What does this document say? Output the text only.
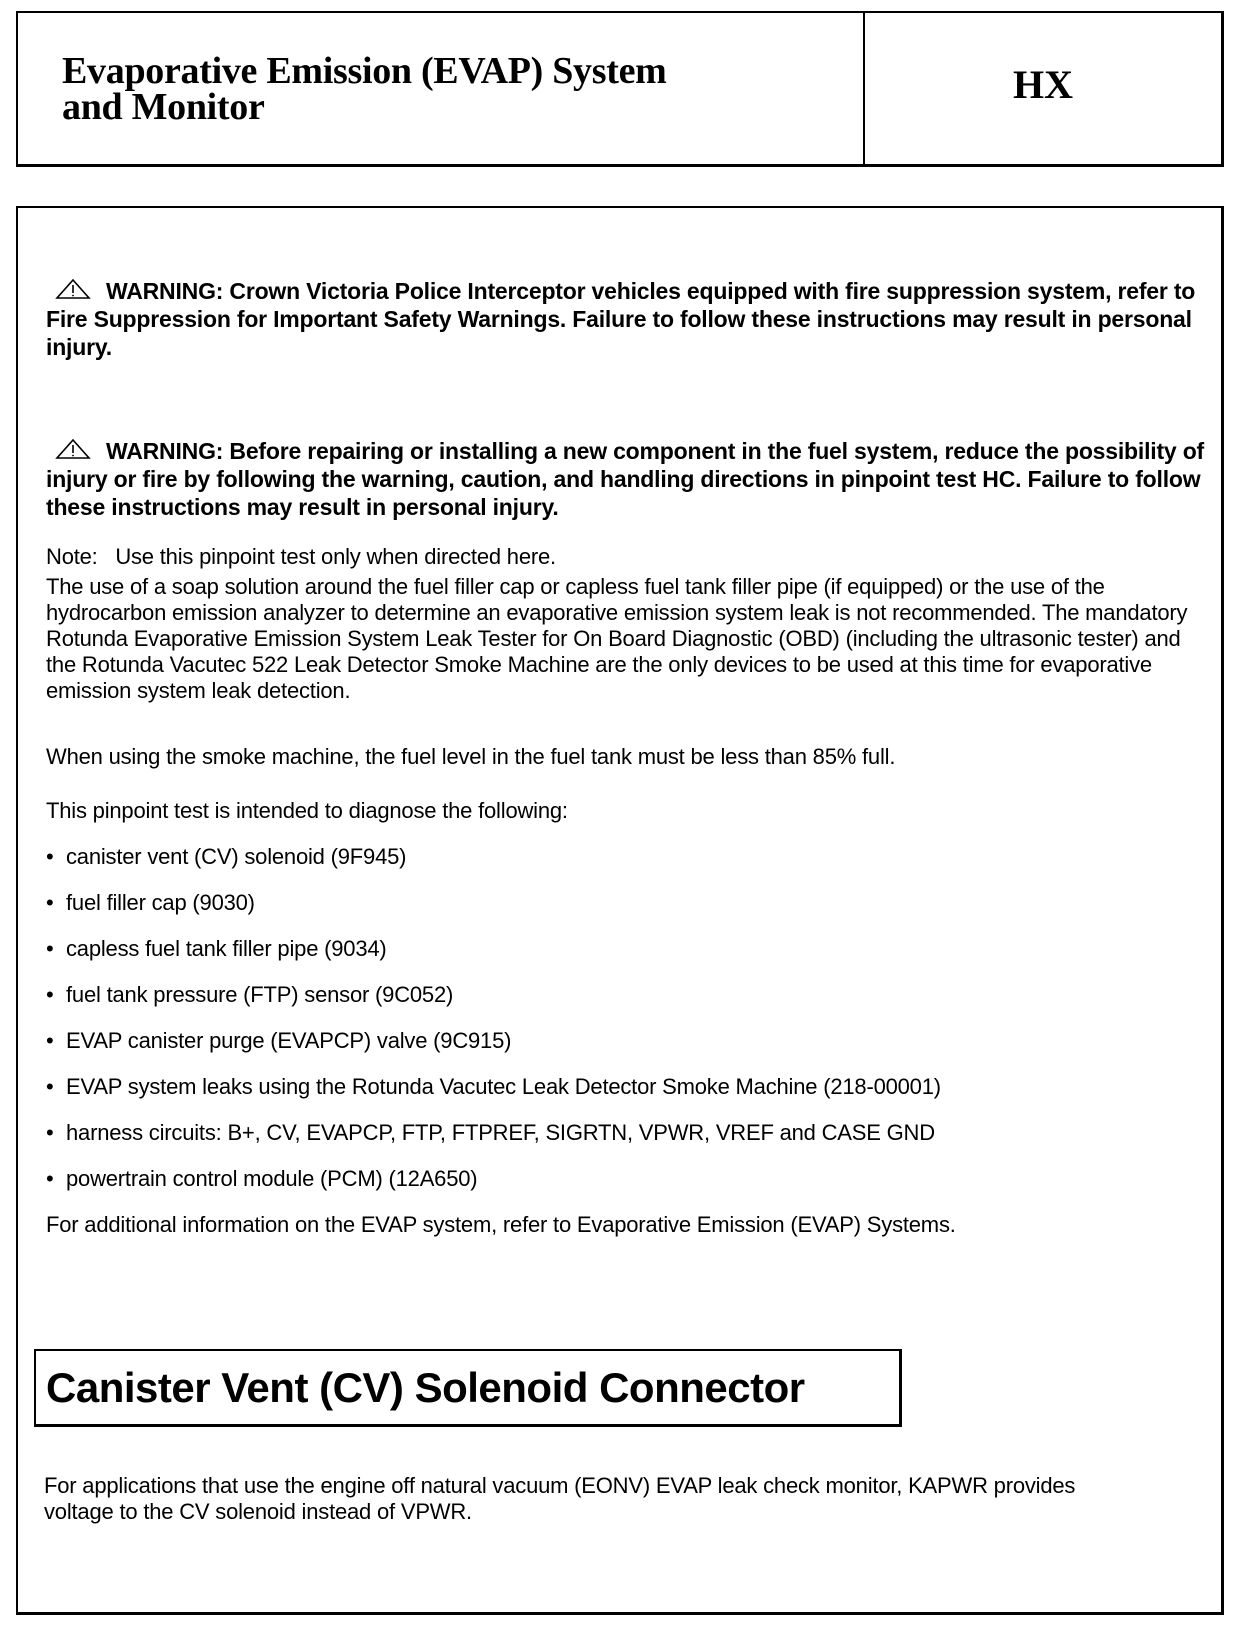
Evaporative Emission (EVAP) System
and Monitor	HX

WARNING: Crown Victoria Police Interceptor vehicles equipped with fire suppression system, refer to Fire Suppression for Important Safety Warnings. Failure to follow these instructions may result in personal injury.

WARNING: Before repairing or installing a new component in the fuel system, reduce the possibility of injury or fire by following the warning, caution, and handling directions in pinpoint test HC. Failure to follow these instructions may result in personal injury.

Note:   Use this pinpoint test only when directed here.

The use of a soap solution around the fuel filler cap or capless fuel tank filler pipe (if equipped) or the use of the hydrocarbon emission analyzer to determine an evaporative emission system leak is not recommended. The mandatory Rotunda Evaporative Emission System Leak Tester for On Board Diagnostic (OBD) (including the ultrasonic tester) and the Rotunda Vacutec 522 Leak Detector Smoke Machine are the only devices to be used at this time for evaporative emission system leak detection.

When using the smoke machine, the fuel level in the fuel tank must be less than 85% full.

This pinpoint test is intended to diagnose the following:

• canister vent (CV) solenoid (9F945)
• fuel filler cap (9030)
• capless fuel tank filler pipe (9034)
• fuel tank pressure (FTP) sensor (9C052)
• EVAP canister purge (EVAPCP) valve (9C915)
• EVAP system leaks using the Rotunda Vacutec Leak Detector Smoke Machine (218-00001)
• harness circuits: B+, CV, EVAPCP, FTP, FTPREF, SIGRTN, VPWR, VREF and CASE GND
• powertrain control module (PCM) (12A650)

For additional information on the EVAP system, refer to Evaporative Emission (EVAP) Systems.

Canister Vent (CV) Solenoid Connector

For applications that use the engine off natural vacuum (EONV) EVAP leak check monitor, KAPWR provides voltage to the CV solenoid instead of VPWR.
